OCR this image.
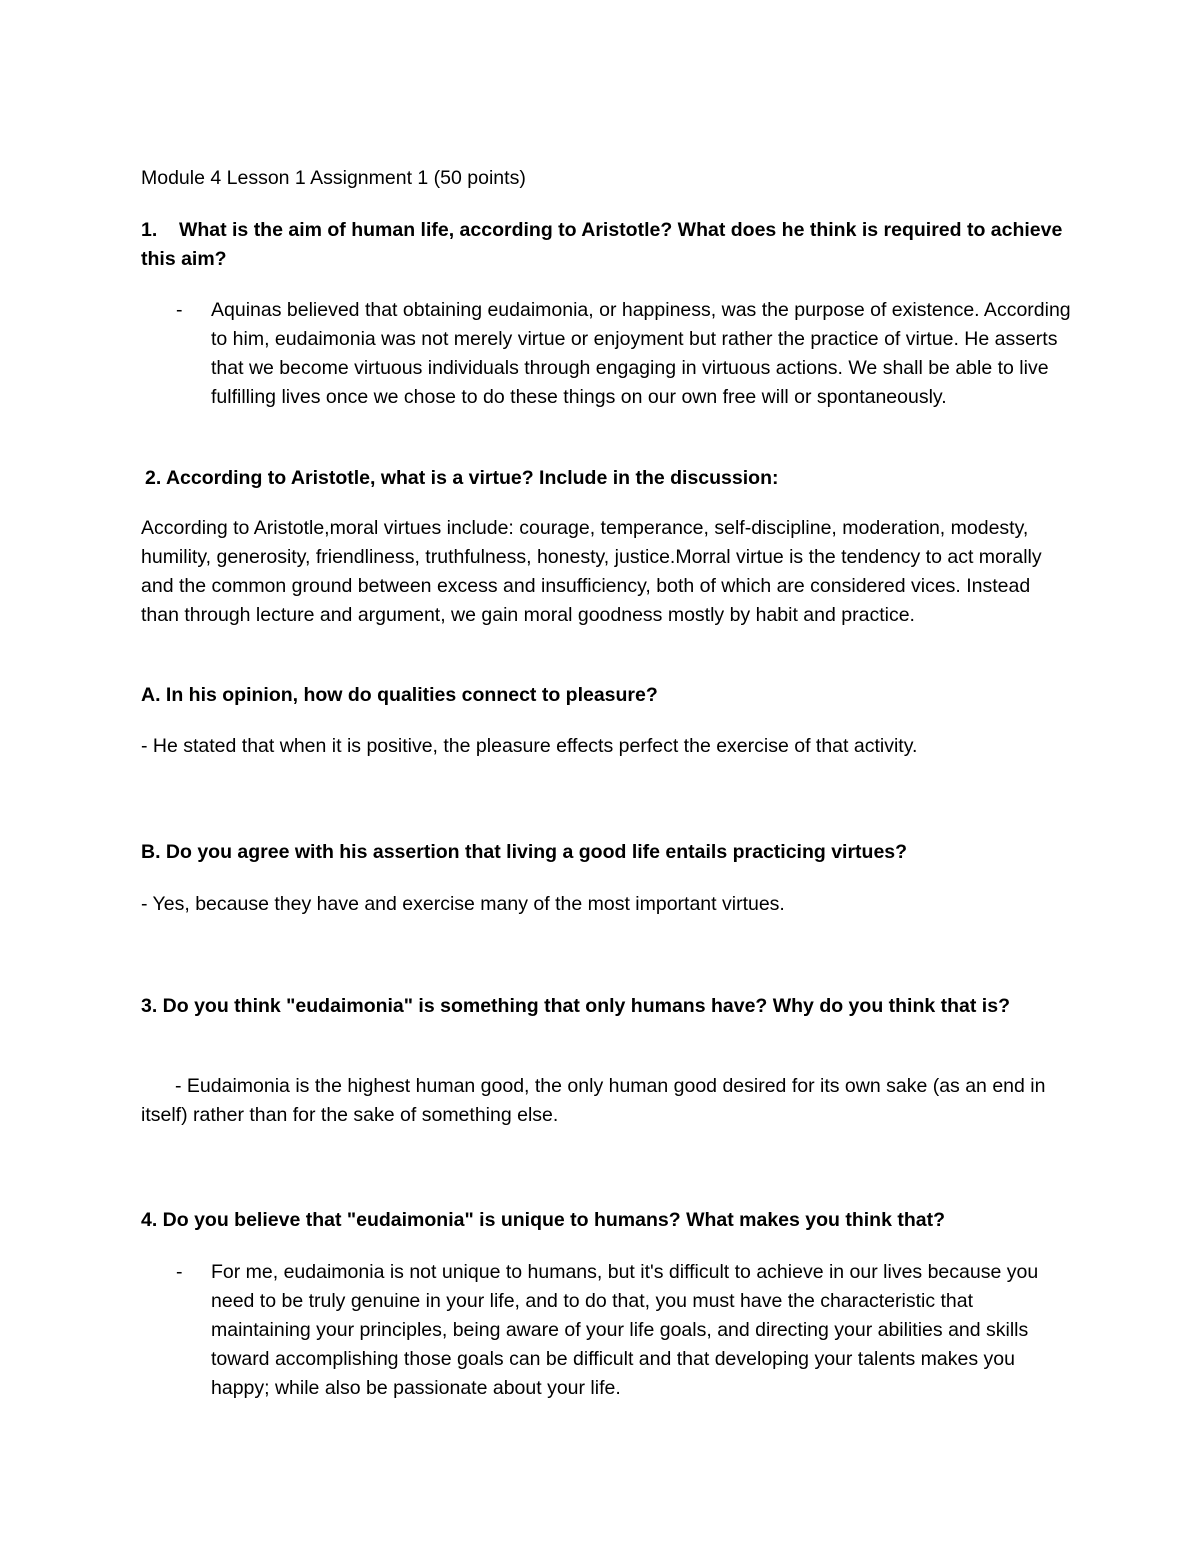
Module 4 Lesson 1 Assignment 1 (50 points)

1. What is the aim of human life, according to Aristotle? What does he think is required to achieve this aim?

- Aquinas believed that obtaining eudaimonia, or happiness, was the purpose of existence. According to him, eudaimonia was not merely virtue or enjoyment but rather the practice of virtue. He asserts that we become virtuous individuals through engaging in virtuous actions. We shall be able to live fulfilling lives once we chose to do these things on our own free will or spontaneously.

2. According to Aristotle, what is a virtue? Include in the discussion:

According to Aristotle,moral virtues include: courage, temperance, self-discipline, moderation, modesty, humility, generosity, friendliness, truthfulness, honesty, justice.Morral virtue is the tendency to act morally and the common ground between excess and insufficiency, both of which are considered vices. Instead than through lecture and argument, we gain moral goodness mostly by habit and practice.

A. In his opinion, how do qualities connect to pleasure?

- He stated that when it is positive, the pleasure effects perfect the exercise of that activity.

B. Do you agree with his assertion that living a good life entails practicing virtues?

- Yes, because they have and exercise many of the most important virtues.

3. Do you think "eudaimonia" is something that only humans have? Why do you think that is?

- Eudaimonia is the highest human good, the only human good desired for its own sake (as an end in itself) rather than for the sake of something else.

4. Do you believe that "eudaimonia" is unique to humans? What makes you think that?

- For me, eudaimonia is not unique to humans, but it's difficult to achieve in our lives because you need to be truly genuine in your life, and to do that, you must have the characteristic that maintaining your principles, being aware of your life goals, and directing your abilities and skills toward accomplishing those goals can be difficult and that developing your talents makes you happy; while also be passionate about your life.
